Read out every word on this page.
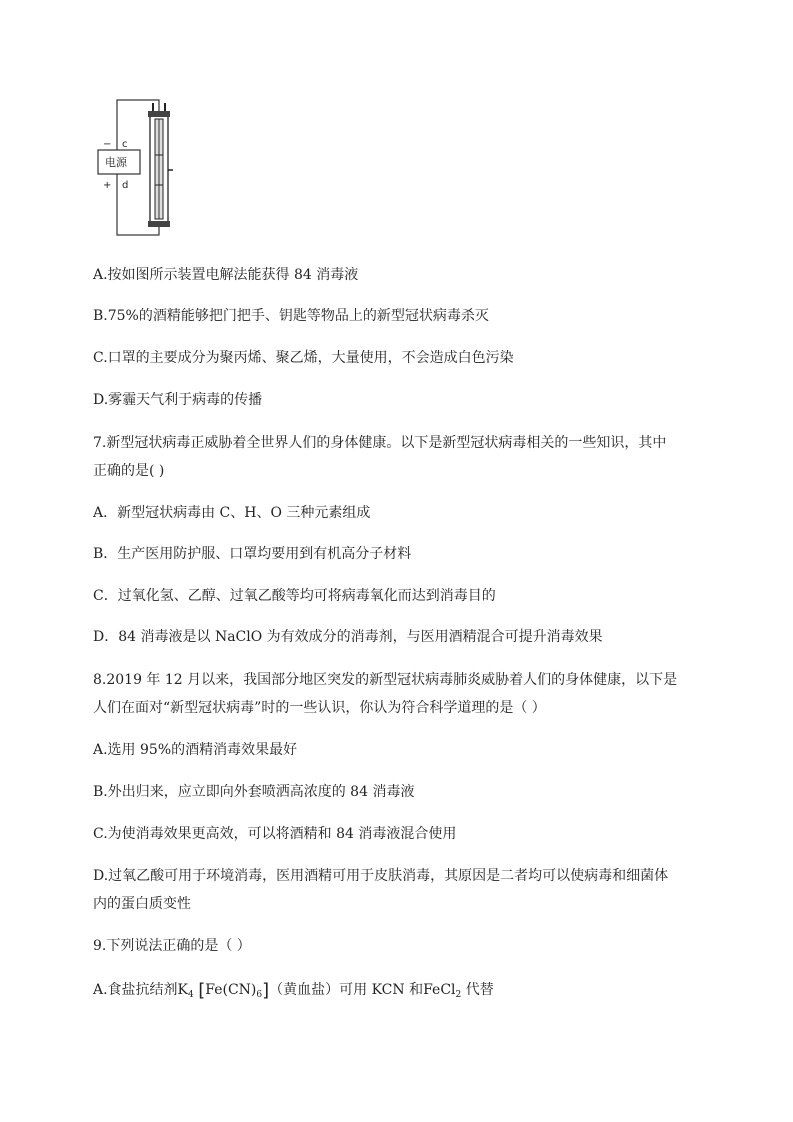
电源
− c
+ d
A.按如图所示装置电解法能获得 84 消毒液
B.75%的酒精能够把门把手、钥匙等物品上的新型冠状病毒杀灭
C.口罩的主要成分为聚丙烯、聚乙烯，大量使用，不会造成白色污染
D.雾霾天气利于病毒的传播
7.新型冠状病毒正威胁着全世界人们的身体健康。以下是新型冠状病毒相关的一些知识，其中
正确的是( )
A．新型冠状病毒由 C、H、O 三种元素组成
B．生产医用防护服、口罩均要用到有机高分子材料
C．过氧化氢、乙醇、过氧乙酸等均可将病毒氧化而达到消毒目的
D．84 消毒液是以 NaClO 为有效成分的消毒剂，与医用酒精混合可提升消毒效果
8.2019 年 12 月以来，我国部分地区突发的新型冠状病毒肺炎威胁着人们的身体健康，以下是
人们在面对“新型冠状病毒”时的一些认识，你认为符合科学道理的是（ ）
A.选用 95%的酒精消毒效果最好
B.外出归来，应立即向外套喷洒高浓度的 84 消毒液
C.为使消毒效果更高效，可以将酒精和 84 消毒液混合使用
D.过氧乙酸可用于环境消毒，医用酒精可用于皮肤消毒，其原因是二者均可以使病毒和细菌体
内的蛋白质变性
9.下列说法正确的是（ ）
A.食盐抗结剂$K_4$ $[Fe(CN)_6]$（黄血盐）可用 KCN 和FeCl$_2$ 代替
